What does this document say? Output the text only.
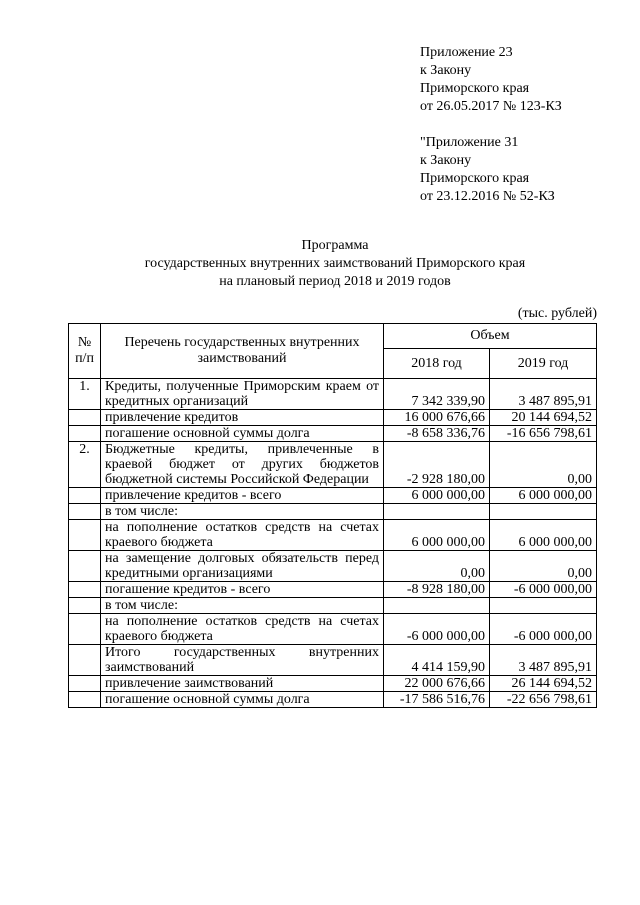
Приложение 23
к Закону
Приморского края
от 26.05.2017 № 123-КЗ
"Приложение 31
к Закону
Приморского края
от 23.12.2016 № 52-КЗ
Программа
государственных внутренних заимствований Приморского края
на плановый период 2018 и 2019 годов
(тыс. рублей)
№ п/п	Перечень государственных внутренних заимствований	Объем	
		2018 год	2019 год
1.	Кредиты, полученные Приморским краем от кредитных организаций	7 342 339,90	3 487 895,91
	привлечение кредитов	16 000 676,66	20 144 694,52
	погашение основной суммы долга	-8 658 336,76	-16 656 798,61
2.	Бюджетные кредиты, привлеченные в краевой бюджет от других бюджетов бюджетной системы Российской Федерации	-2 928 180,00	0,00
	привлечение кредитов - всего	6 000 000,00	6 000 000,00
	в том числе:		
	на пополнение остатков средств на счетах краевого бюджета	6 000 000,00	6 000 000,00
	на замещение долговых обязательств перед кредитными организациями	0,00	0,00
	погашение кредитов - всего	-8 928 180,00	-6 000 000,00
	в том числе:		
	на пополнение остатков средств на счетах краевого бюджета	-6 000 000,00	-6 000 000,00
	Итого государственных внутренних заимствований	4 414 159,90	3 487 895,91
	привлечение заимствований	22 000 676,66	26 144 694,52
	погашение основной суммы долга	-17 586 516,76	-22 656 798,61
